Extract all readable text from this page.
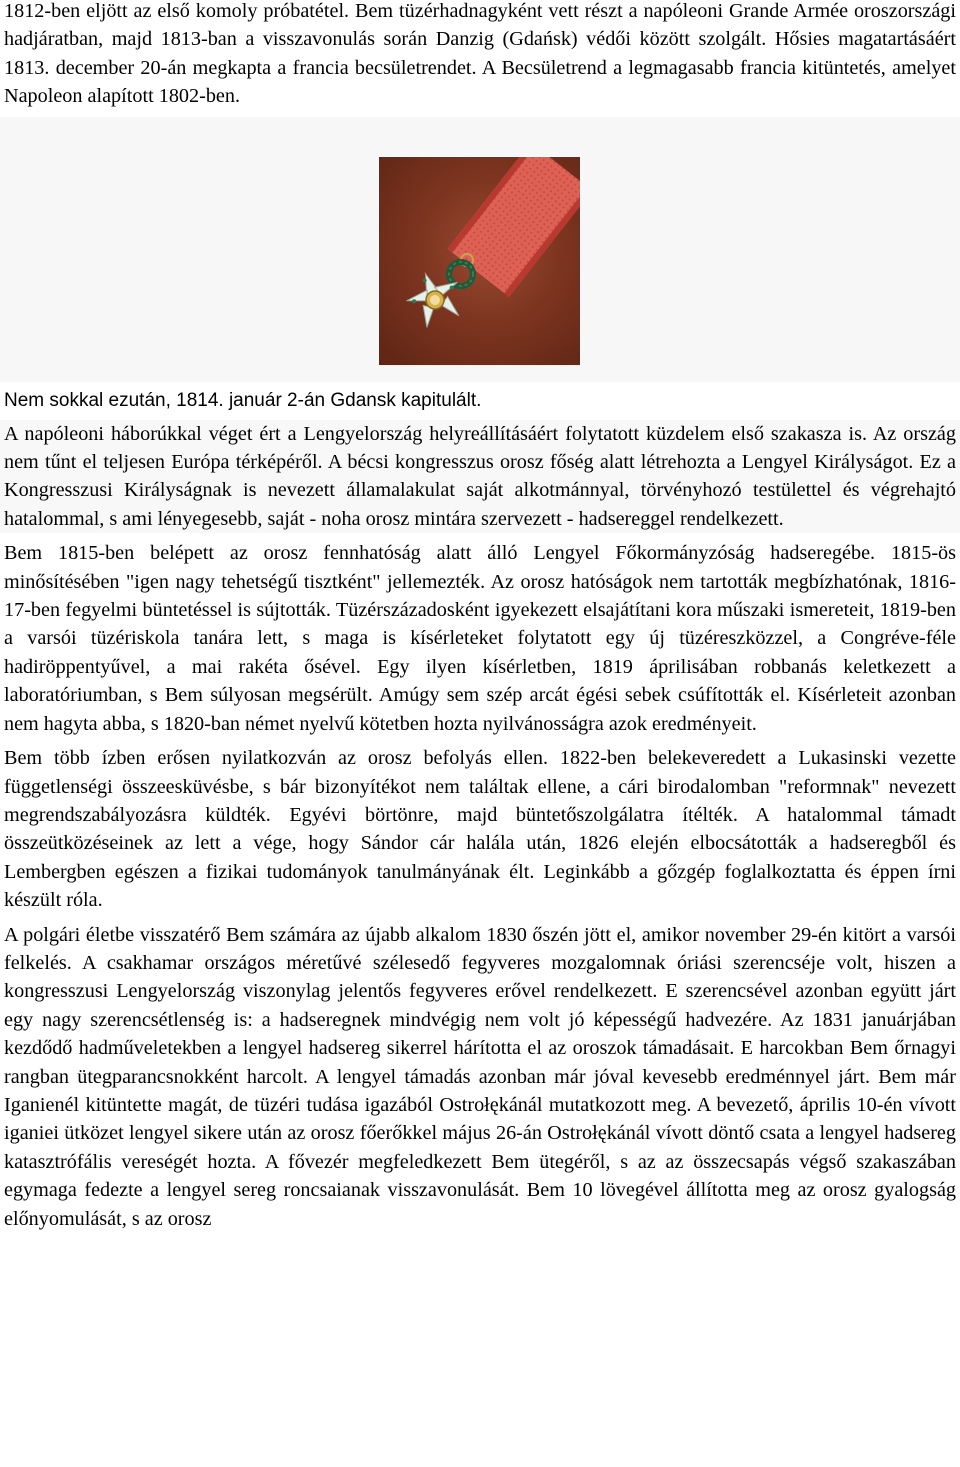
1812-ben eljött az első komoly próbatétel. Bem tüzérhadnagyként vett részt a napóleoni Grande Armée oroszországi hadjáratban, majd 1813-ban a visszavonulás során Danzig (Gdańsk) védői között szolgált. Hősies magatartásáért 1813. december 20-án megkapta a francia becsületrendet. A Becsületrend a legmagasabb francia kitüntetés, amelyet Napoleon alapított 1802-ben.

Nem sokkal ezután, 1814. január 2-án Gdansk kapitulált.

A napóleoni háborúkkal véget ért a Lengyelország helyreállításáért folytatott küzdelem első szakasza is. Az ország nem tűnt el teljesen Európa térképéről. A bécsi kongresszus orosz főség alatt létrehozta a Lengyel Királyságot. Ez a Kongresszusi Királyságnak is nevezett államalakulat saját alkotmánnyal, törvényhozó testülettel és végrehajtó hatalommal, s ami lényegesebb, saját - noha orosz mintára szervezett - hadsereggel rendelkezett.

Bem 1815-ben belépett az orosz fennhatóság alatt álló Lengyel Főkormányzóság hadseregébe. 1815-ös minősítésében "igen nagy tehetségű tisztként" jellemezték. Az orosz hatóságok nem tartották megbízhatónak, 1816-17-ben fegyelmi büntetéssel is sújtották. Tüzérszázadosként igyekezett elsajátítani kora műszaki ismereteit, 1819-ben a varsói tüzériskola tanára lett, s maga is kísérleteket folytatott egy új tüzéreszközzel, a Congréve-féle hadiröppentyűvel, a mai rakéta ősével. Egy ilyen kísérletben, 1819 áprilisában robbanás keletkezett a laboratóriumban, s Bem súlyosan megsérült. Amúgy sem szép arcát égési sebek csúfították el. Kísérleteit azonban nem hagyta abba, s 1820-ban német nyelvű kötetben hozta nyilvánosságra azok eredményeit.

Bem több ízben erősen nyilatkozván az orosz befolyás ellen. 1822-ben belekeveredett a Lukasinski vezette függetlenségi összeesküvésbe, s bár bizonyítékot nem találtak ellene, a cári birodalomban "reformnak" nevezett megrendszabályozásra küldték. Egyévi börtönre, majd büntetőszolgálatra ítélték. A hatalommal támadt összeütközéseinek az lett a vége, hogy Sándor cár halála után, 1826 elején elbocsátották a hadseregből és Lembergben egészen a fizikai tudományok tanulmányának élt. Leginkább a gőzgép foglalkoztatta és éppen írni készült róla.

A polgári életbe visszatérő Bem számára az újabb alkalom 1830 őszén jött el, amikor november 29-én kitört a varsói felkelés. A csakhamar országos méretűvé szélesedő fegyveres mozgalomnak óriási szerencséje volt, hiszen a kongresszusi Lengyelország viszonylag jelentős fegyveres erővel rendelkezett. E szerencsével azonban együtt járt egy nagy szerencsétlenség is: a hadseregnek mindvégig nem volt jó képességű hadvezére. Az 1831 januárjában kezdődő hadműveletekben a lengyel hadsereg sikerrel hárította el az oroszok támadásait. E harcokban Bem őrnagyi rangban ütegparancsnokként harcolt. A lengyel támadás azonban már jóval kevesebb eredménnyel járt. Bem már Iganienél kitüntette magát, de tüzéri tudása igazából Ostrołękánál mutatkozott meg. A bevezető, április 10-én vívott iganiei ütközet lengyel sikere után az orosz főerőkkel május 26-án Ostrołękánál vívott döntő csata a lengyel hadsereg katasztrófális vereségét hozta. A fővezér megfeledkezett Bem ütegéről, s az az összecsapás végső szakaszában egymaga fedezte a lengyel sereg roncsaianak visszavonulását. Bem 10 lövegével állította meg az orosz gyalogság előnyomulását, s az orosz
